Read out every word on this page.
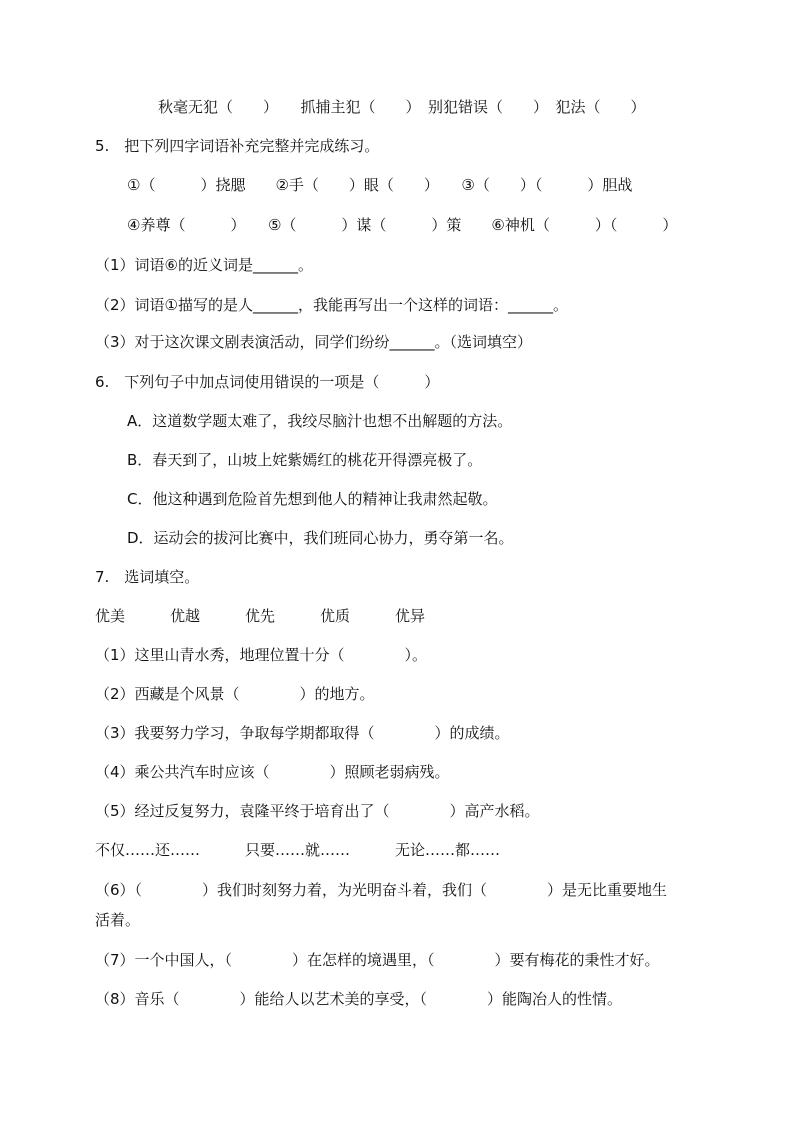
秋毫无犯（　　）　　抓捕主犯（　　）　别犯错误（　　）　犯法（　　）
5.　把下列四字词语补充完整并完成练习。
①（　　　）挠腮　　②手（　　）眼（　　）　　③（　　）（　　　）胆战
④养尊（　　　）　　⑤（　　　）谋（　　　）策　　⑥神机（　　　）（　　　）
（1）词语⑥的近义词是______。
（2）词语①描写的是人______，我能再写出一个这样的词语：______。
（3）对于这次课文剧表演活动，同学们纷纷______。（选词填空）
6.　下列句子中加点词使用错误的一项是（　　　）
A．这道数学题太难了，我绞尽脑汁也想不出解题的方法。
B．春天到了，山坡上姹紫嫣红的桃花开得漂亮极了。
C．他这种遇到危险首先想到他人的精神让我肃然起敬。
D．运动会的拔河比赛中，我们班同心协力，勇夺第一名。
7.　选词填空。
优美　　　优越　　　优先　　　优质　　　优异
（1）这里山青水秀，地理位置十分（　　　　）。
（2）西藏是个风景（　　　　）的地方。
（3）我要努力学习，争取每学期都取得（　　　　）的成绩。
（4）乘公共汽车时应该（　　　　）照顾老弱病残。
（5）经过反复努力，袁隆平终于培育出了（　　　　）高产水稻。
不仅……还……　　　只要……就……　　　无论……都……
（6）（　　　　）我们时刻努力着，为光明奋斗着，我们（　　　　）是无比重要地生
活着。
（7）一个中国人，（　　　　）在怎样的境遇里，（　　　　）要有梅花的秉性才好。
（8）音乐（　　　　）能给人以艺术美的享受，（　　　　）能陶冶人的性情。
